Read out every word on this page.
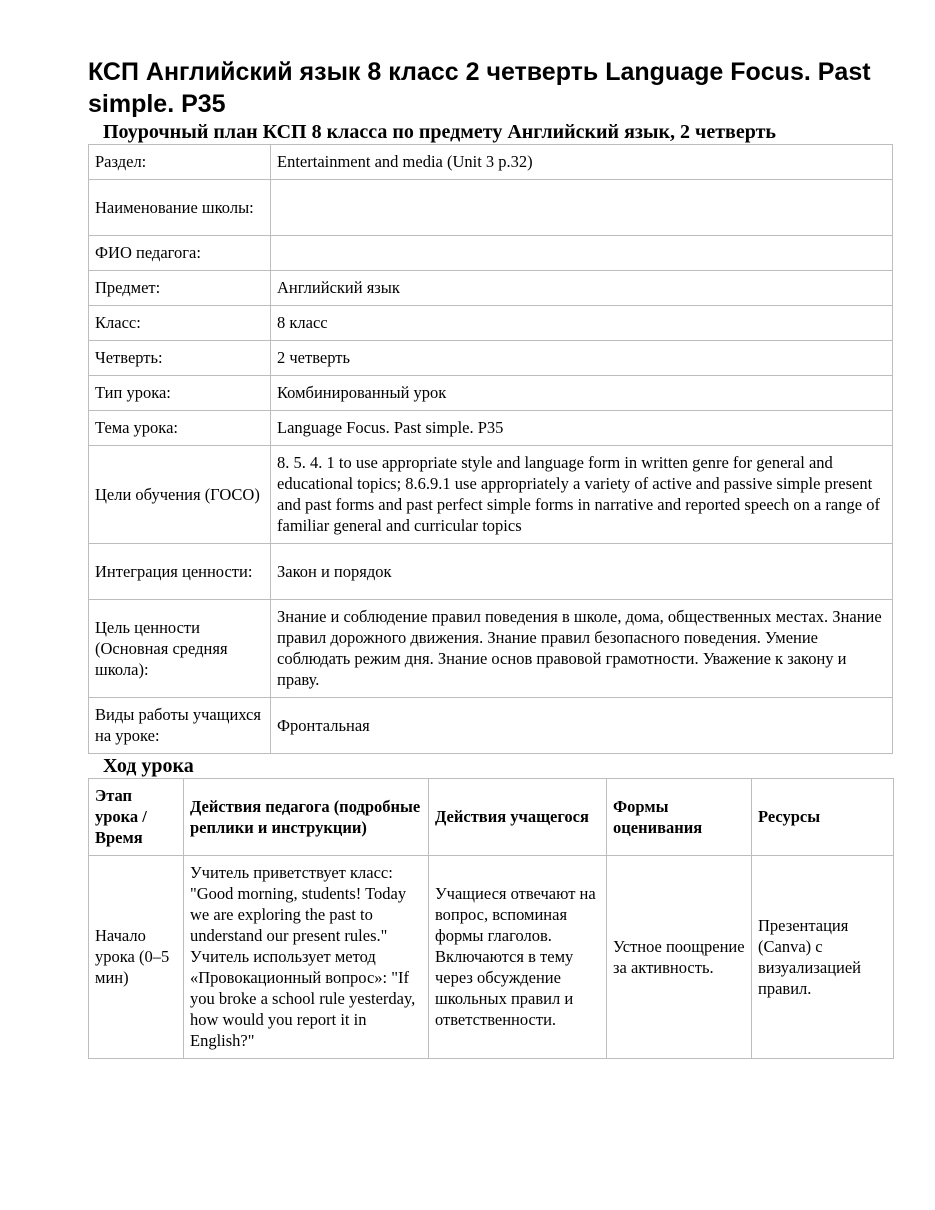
КСП Английский язык 8 класс 2 четверть Language Focus. Past simple. P35
Поурочный план КСП 8 класса по предмету Английский язык, 2 четверть
Раздел:	Entertainment and media (Unit 3 p.32)
Наименование школы:	
ФИО педагога:	
Предмет:	Английский язык
Класс:	8 класс
Четверть:	2 четверть
Тип урока:	Комбинированный урок
Тема урока:	Language Focus. Past simple. P35
Цели обучения (ГОСО)	8. 5. 4. 1 to use appropriate style and language form in written genre for general and educational topics; 8.6.9.1 use appropriately a variety of active and passive simple present and past forms and past perfect simple forms in narrative and reported speech on a range of familiar general and curricular topics
Интеграция ценности:	Закон и порядок
Цель ценности (Основная средняя школа):	Знание и соблюдение правил поведения в школе, дома, общественных местах. Знание правил дорожного движения. Знание правил безопасного поведения. Умение соблюдать режим дня. Знание основ правовой грамотности. Уважение к закону и праву.
Виды работы учащихся на уроке:	Фронтальная
Ход урока
Этап урока / Время	Действия педагога (подробные реплики и инструкции)	Действия учащегося	Формы оценивания	Ресурсы
Начало урока (0–5 мин)	Учитель приветствует класс: "Good morning, students! Today we are exploring the past to understand our present rules." Учитель использует метод «Провокационный вопрос»: "If you broke a school rule yesterday, how would you report it in English?"	Учащиеся отвечают на вопрос, вспоминая формы глаголов. Включаются в тему через обсуждение школьных правил и ответственности.	Устное поощрение за активность.	Презентация (Canva) с визуализацией правил.
